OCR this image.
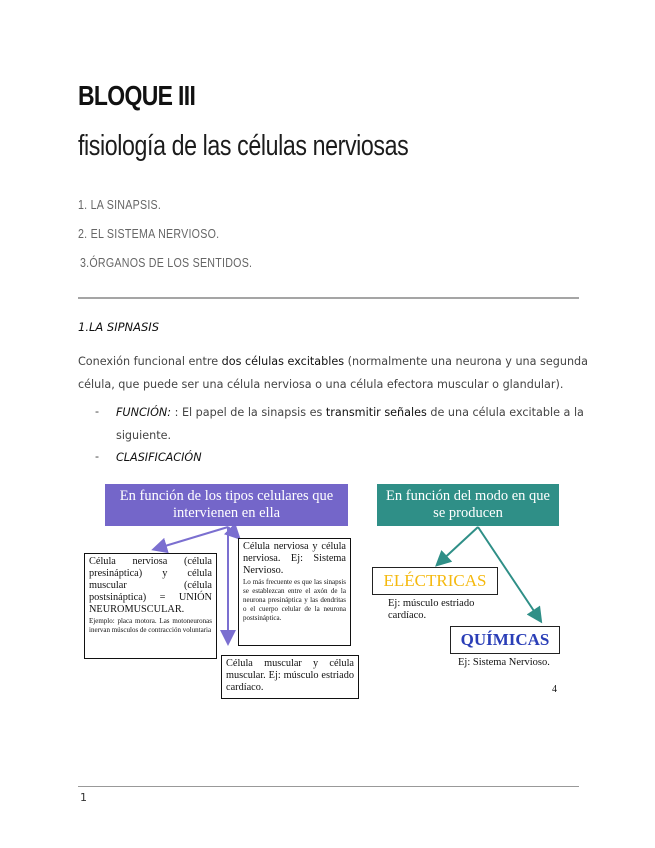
BLOQUE III
fisiología de las células nerviosas
1. LA SINAPSIS.
2. EL SISTEMA NERVIOSO.
3.ÓRGANOS DE LOS SENTIDOS.
1.LA SIPNASIS
Conexión funcional entre dos células excitables (normalmente una neurona y una segunda célula, que puede ser una célula nerviosa o una célula efectora muscular o glandular).
- FUNCIÓN: : El papel de la sinapsis es transmitir señales de una célula excitable a la siguiente.
- CLASIFICACIÓN
En función de los tipos celulares que intervienen en ella
En función del modo en que se producen
Célula nerviosa (célula presináptica) y célula muscular (célula postsináptica) = UNIÓN NEUROMUSCULAR.
Ejemplo: placa motora. Las motoneuronas inervan músculos de contracción voluntaria
Célula nerviosa y célula nerviosa. Ej: Sistema Nervioso.
Lo más frecuente es que las sinapsis se establezcan entre el axón de la neurona presináptica y las dendritas o el cuerpo celular de la neurona postsináptica.
Célula muscular y célula muscular. Ej: músculo estriado cardíaco.
ELÉCTRICAS
Ej: músculo estriado cardíaco.
QUÍMICAS
Ej: Sistema Nervioso.
4
1
